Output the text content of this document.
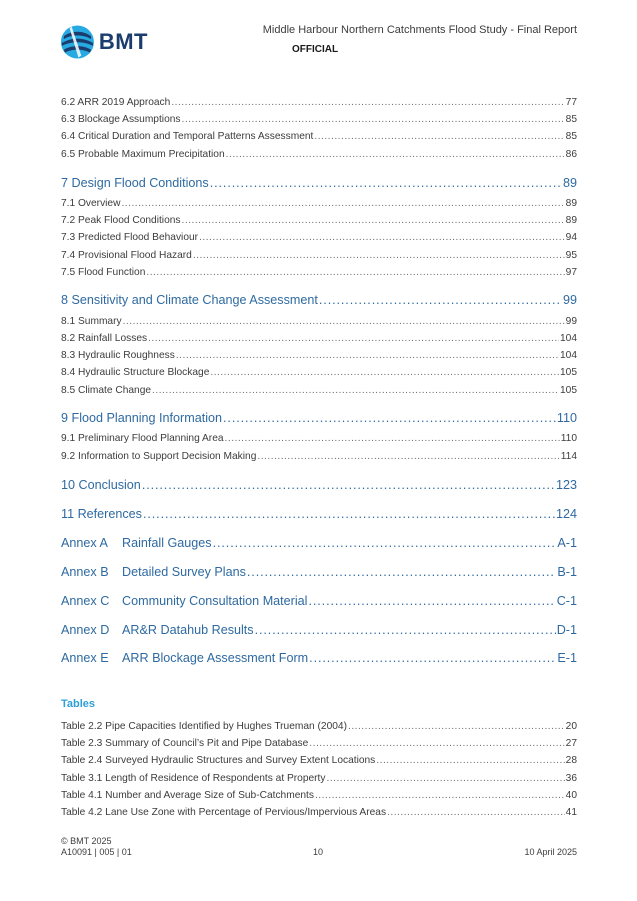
BMT	Middle Harbour Northern Catchments Flood Study - Final Report
OFFICIAL
6.2 ARR 2019 Approach .....	77
6.3 Blockage Assumptions .....	85
6.4 Critical Duration and Temporal Patterns Assessment .....	85
6.5 Probable Maximum Precipitation .....	86
7 Design Flood Conditions .....	89
7.1 Overview .....	89
7.2 Peak Flood Conditions .....	89
7.3 Predicted Flood Behaviour .....	94
7.4 Provisional Flood Hazard .....	95
7.5 Flood Function .....	97
8 Sensitivity and Climate Change Assessment .....	99
8.1 Summary .....	99
8.2 Rainfall Losses .....	104
8.3 Hydraulic Roughness .....	104
8.4 Hydraulic Structure Blockage .....	105
8.5 Climate Change .....	105
9 Flood Planning Information .....	110
9.1 Preliminary Flood Planning Area .....	110
9.2 Information to Support Decision Making .....	114
10 Conclusion .....	123
11 References .....	124
Annex A	Rainfall Gauges .....	A-1
Annex B	Detailed Survey Plans .....	B-1
Annex C	Community Consultation Material .....	C-1
Annex D	AR&R Datahub Results .....	D-1
Annex E	ARR Blockage Assessment Form .....	E-1
Tables
Table 2.2 Pipe Capacities Identified by Hughes Trueman (2004) .....	20
Table 2.3 Summary of Council’s Pit and Pipe Database .....	27
Table 2.4 Surveyed Hydraulic Structures and Survey Extent Locations .....	28
Table 3.1 Length of Residence of Respondents at Property .....	36
Table 4.1 Number and Average Size of Sub-Catchments .....	40
Table 4.2 Lane Use Zone with Percentage of Pervious/Impervious Areas .....	41
© BMT 2025
A10091 | 005 | 01	10	10 April 2025
